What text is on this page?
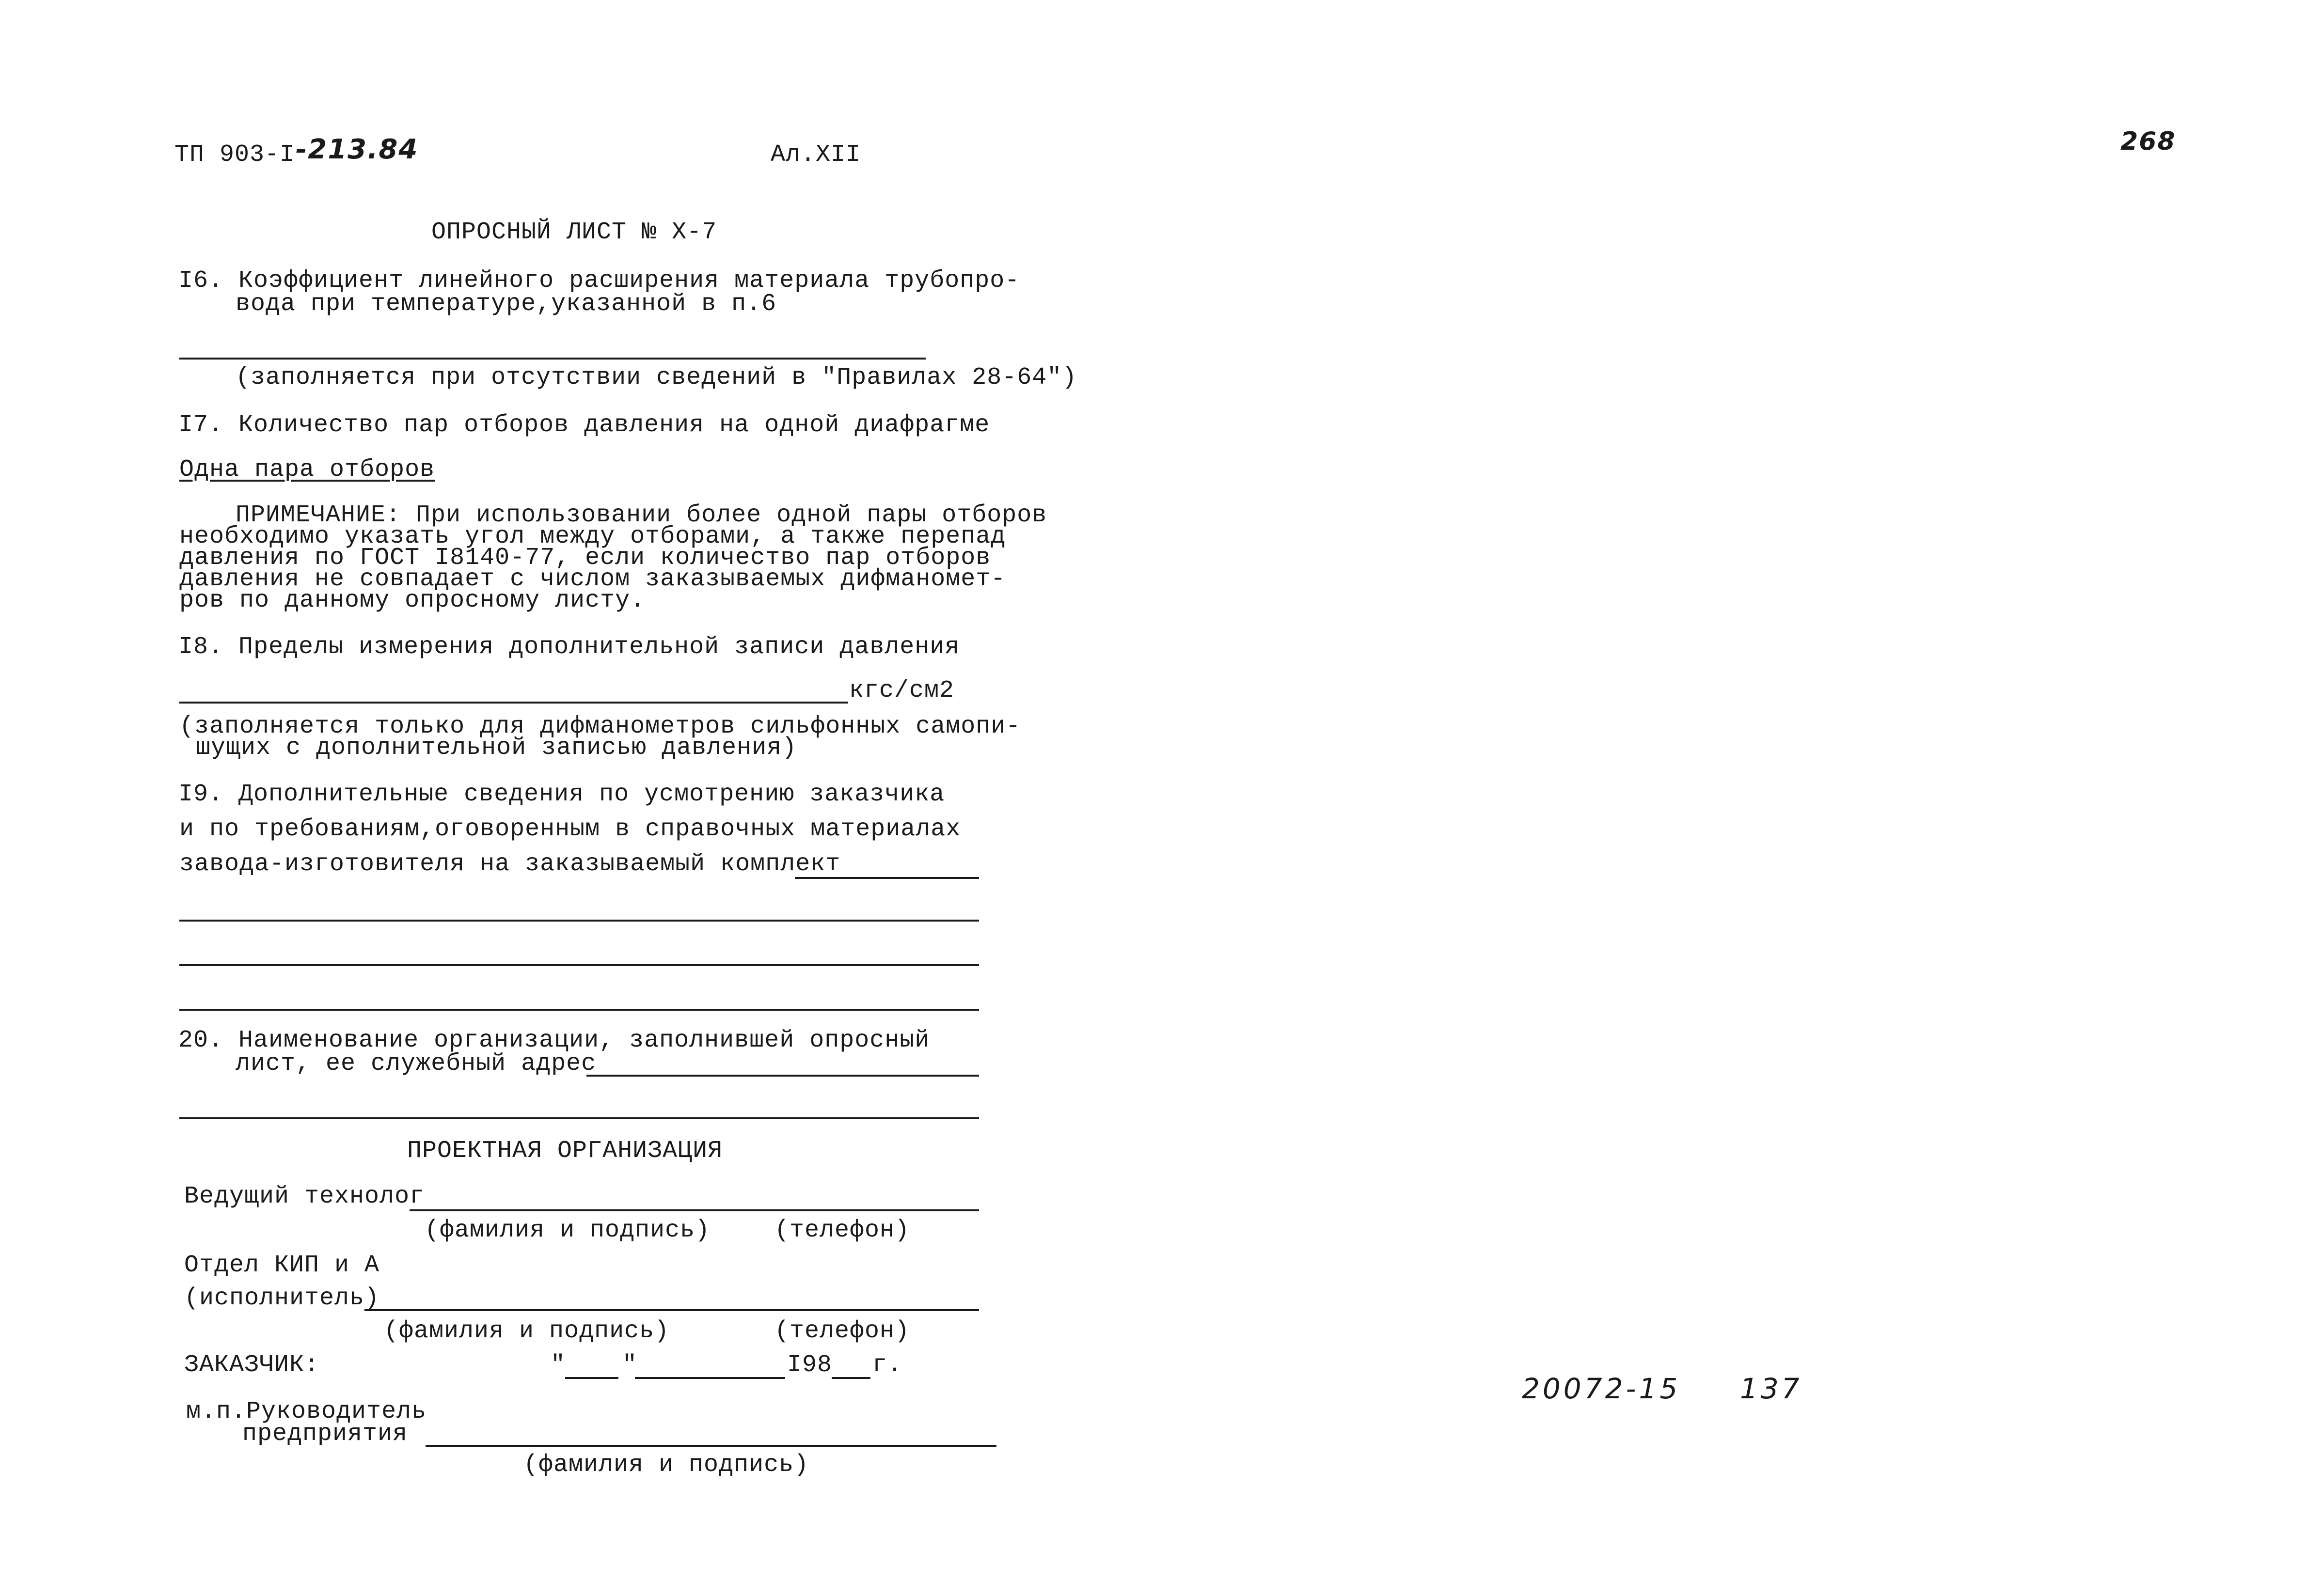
ТП 903-I -213.84	Ал.XII	268
ОПРОСНЫЙ ЛИСТ № Х-7
I6. Коэффициент линейного расширения материала трубопро-
вода при температуре,указанной в п.6
(заполняется при отсутствии сведений в "Правилах 28-64")
I7. Количество пар отборов давления на одной диафрагме
Одна пара отборов
ПРИМЕЧАНИЕ: При использовании более одной пары отборов
необходимо указать угол между отборами, а также перепад
давления по ГОСТ I8140-77, если количество пар отборов
давления не совпадает с числом заказываемых дифманомет-
ров по данному опросному листу.
I8. Пределы измерения дополнительной записи давления
кгс/см2
(заполняется только для дифманометров сильфонных самопи-
шущих с дополнительной записью давления)
I9. Дополнительные сведения по усмотрению заказчика
и по требованиям,оговоренным в справочных материалах
завода-изготовителя на заказываемый комплект
20. Наименование организации, заполнившей опросный
лист, ее служебный адрес
ПРОЕКТНАЯ ОРГАНИЗАЦИЯ
Ведущий технолог
(фамилия и подпись)	(телефон)
Отдел КИП и А
(исполнитель)
(фамилия и подпись)	(телефон)
ЗАКАЗЧИК:	" "	I98 г.
м.п.Руководитель
предприятия
(фамилия и подпись)
20072-15 137
